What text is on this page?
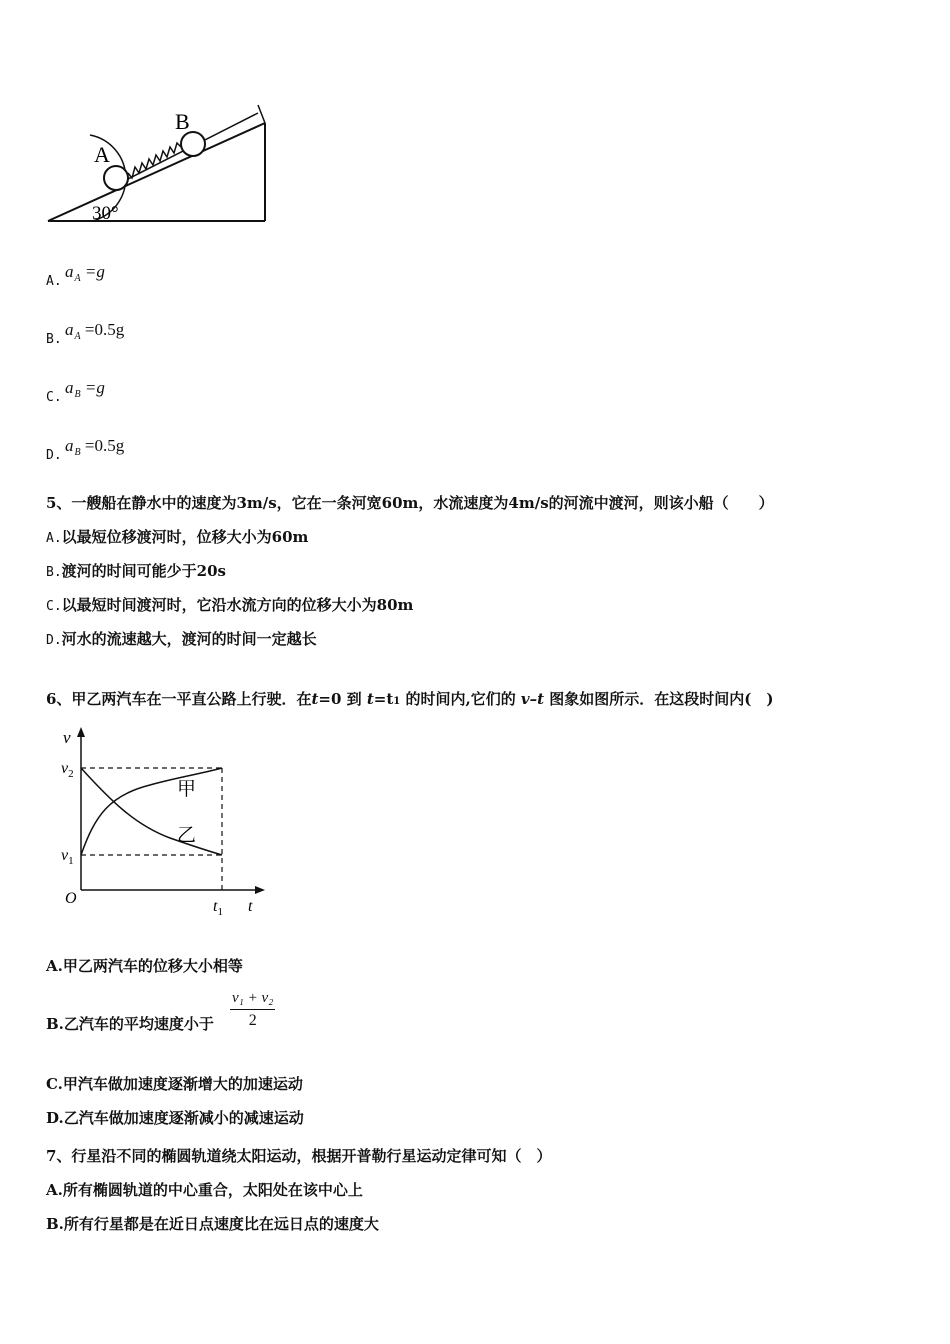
A
B
30°
A.
$a_A =g$
B.
$a_A =0.5g$
C.
$a_B =g$
D.
$a_B =0.5g$
5、一艘船在静水中的速度为3m/s，它在一条河宽60m，水流速度为4m/s的河流中渡河，则该小船（　　）
A.以最短位移渡河时，位移大小为60m
B.渡河的时间可能少于20s
C.以最短时间渡河时，它沿水流方向的位移大小为80m
D.河水的流速越大，渡河的时间一定越长
6、甲乙两汽车在一平直公路上行驶．在t=0 到 t=t1 的时间内,它们的 v–t 图象如图所示．在这段时间内(　)
v
$v_2$
$v_1$
O	$t_1$ t
甲
乙
A.甲乙两汽车的位移大小相等
B.乙汽车的平均速度小于 $\frac{\text{v₁ + v₂}}{2}$
C.甲汽车做加速度逐渐增大的加速运动
D.乙汽车做加速度逐渐减小的减速运动
7、行星沿不同的椭圆轨道绕太阳运动，根据开普勒行星运动定律可知（　）
A.所有椭圆轨道的中心重合，太阳处在该中心上
B.所有行星都是在近日点速度比在远日点的速度大
